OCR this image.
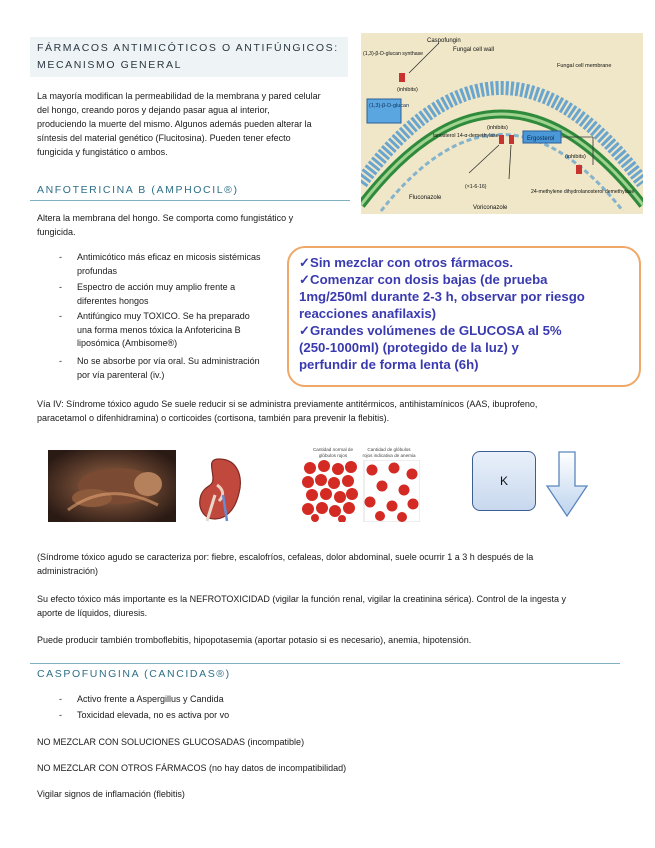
FÁRMACOS ANTIMICÓTICOS O ANTIFÚNGICOS:
MECANISMO GENERAL
La mayoría modifican la permeabilidad de la membrana y pared celular
del hongo, creando poros y dejando pasar agua al interior,
produciendo la muerte del mismo. Algunos además pueden alterar la
síntesis del material genético (Flucitosina). Pueden tener efecto
fungicida y fungistático o ambos.
(1,3)-β-D-glucan
Ergosterol
Caspofungin
Fungal cell wall
(1,3)-β-D-glucan synthase
(inhibits)
Fungal cell membrane
lanosterol 14-α-demethylase
(inhibits)
(inhibits)
(×1-6-16)
Fluconazole
Voriconazole
24-methylene dihydrolanosterol demethylase
ANFOTERICINA B (AMPHOCIL®)
Altera la membrana del hongo. Se comporta como fungistático y
fungicida.
- Antimicótico más eficaz en micosis sistémicas
profundas
- Espectro de acción muy amplio frente a
diferentes hongos
- Antifúngico muy TOXICO. Se ha preparado
una forma menos tóxica la Anfotericina B
liposómica (Ambisome®)
- No se absorbe por vía oral. Su administración
por vía parenteral (iv.)
✓Sin mezclar con otros fármacos.
✓Comenzar con dosis bajas (de prueba
1mg/250ml durante 2-3 h, observar por riesgo
reacciones anafilaxis)
✓Grandes volúmenes de GLUCOSA al 5%
(250-1000ml) (protegido de la luz) y
perfundir de forma lenta (6h)
Vía IV: Síndrome tóxico agudo Se suele reducir si se administra previamente antitérmicos, antihistamínicos (AAS, ibuprofeno,
paracetamol o difenhidramina) o corticoides (cortisona, también para prevenir la flebitis).
Cantidad normal de glóbulos rojos
Cantidad de glóbulos rojos indicativa de anemia
K
(Síndrome tóxico agudo se caracteriza por: fiebre, escalofríos, cefaleas, dolor abdominal, suele ocurrir 1 a 3 h después de la
administración)
Su efecto tóxico más importante es la NEFROTOXICIDAD (vigilar la función renal, vigilar la creatinina sérica). Control de la ingesta y
aporte de líquidos, diuresis.
Puede producir también tromboflebitis, hipopotasemia (aportar potasio si es necesario), anemia, hipotensión.
CASPOFUNGINA (CANCIDAS®)
- Activo frente a Aspergillus y Candida
- Toxicidad elevada, no es activa por vo
NO MEZCLAR CON SOLUCIONES GLUCOSADAS (incompatible)
NO MEZCLAR CON OTROS FÁRMACOS (no hay datos de incompatibilidad)
Vigilar signos de inflamación (flebitis)
